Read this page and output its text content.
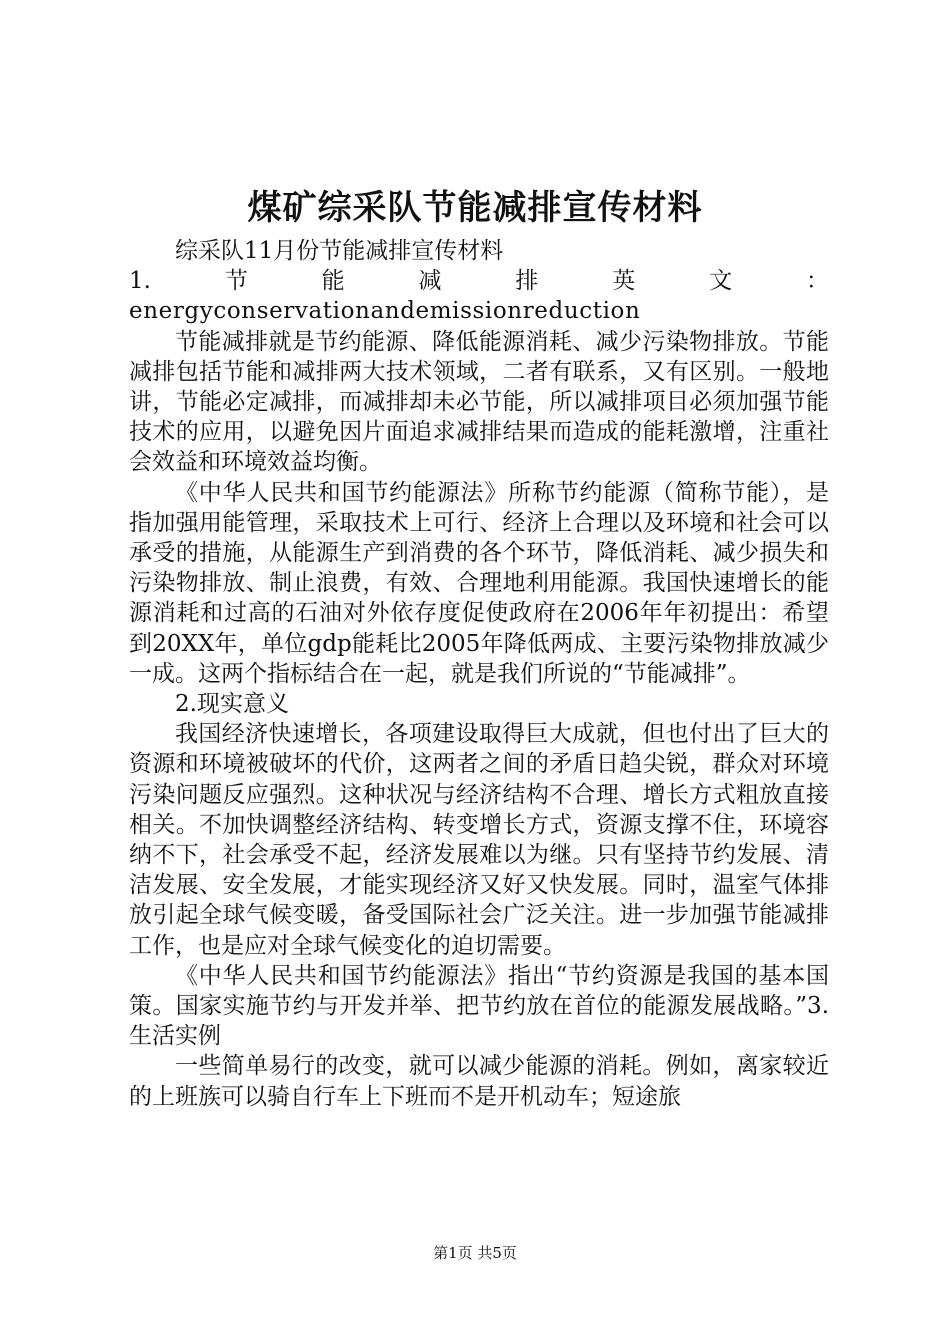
煤矿综采队节能减排宣传材料

综采队11月份节能减排宣传材料

1.	节	能	减	排	英	文	：

energyconservationandemissionreduction

节能减排就是节约能源、降低能源消耗、减少污染物排放。节能减排包括节能和减排两大技术领域，二者有联系，又有区别。一般地讲，节能必定减排，而减排却未必节能，所以减排项目必须加强节能技术的应用，以避免因片面追求减排结果而造成的能耗激增，注重社会效益和环境效益均衡。

《中华人民共和国节约能源法》所称节约能源（简称节能），是指加强用能管理，采取技术上可行、经济上合理以及环境和社会可以承受的措施，从能源生产到消费的各个环节，降低消耗、减少损失和污染物排放、制止浪费，有效、合理地利用能源。我国快速增长的能源消耗和过高的石油对外依存度促使政府在2006年年初提出：希望到20XX年，单位gdp能耗比2005年降低两成、主要污染物排放减少一成。这两个指标结合在一起，就是我们所说的“节能减排”。

2.现实意义

我国经济快速增长，各项建设取得巨大成就，但也付出了巨大的资源和环境被破坏的代价，这两者之间的矛盾日趋尖锐，群众对环境污染问题反应强烈。这种状况与经济结构不合理、增长方式粗放直接相关。不加快调整经济结构、转变增长方式，资源支撑不住，环境容纳不下，社会承受不起，经济发展难以为继。只有坚持节约发展、清洁发展、安全发展，才能实现经济又好又快发展。同时，温室气体排放引起全球气候变暖，备受国际社会广泛关注。进一步加强节能减排工作，也是应对全球气候变化的迫切需要。

《中华人民共和国节约能源法》指出“节约资源是我国的基本国策。国家实施节约与开发并举、把节约放在首位的能源发展战略。”3.生活实例

一些简单易行的改变，就可以减少能源的消耗。例如，离家较近的上班族可以骑自行车上下班而不是开机动车；短途旅

第1页 共5页
